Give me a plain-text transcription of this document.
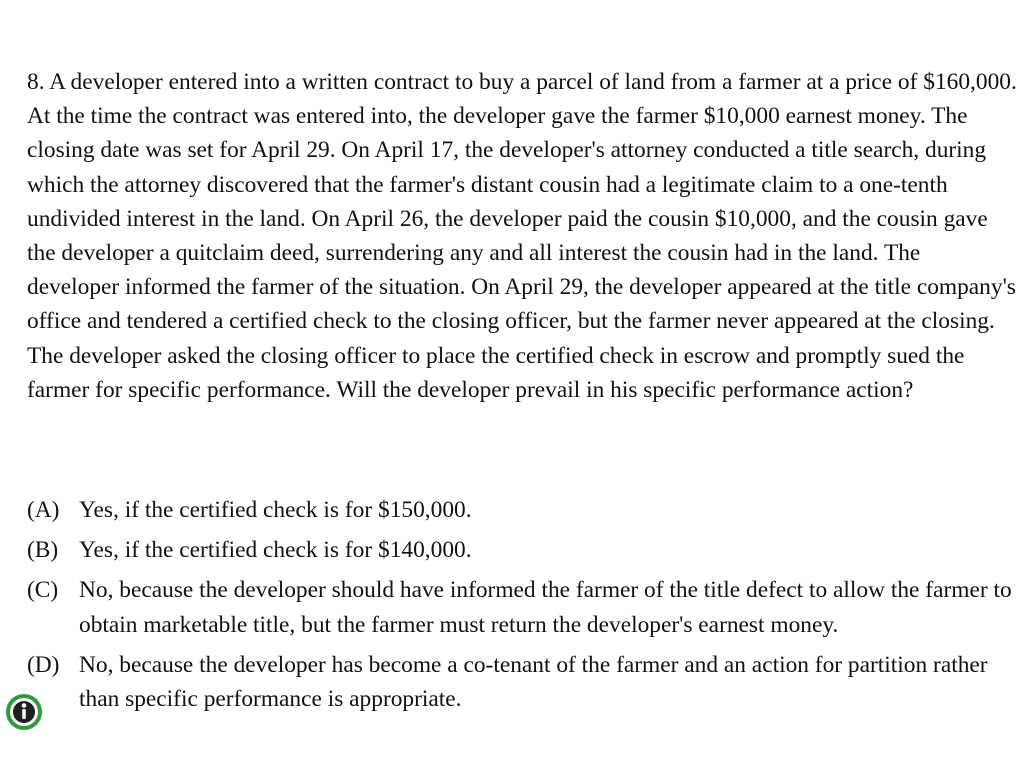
8. A developer entered into a written contract to buy a parcel of land from a farmer at a price of $160,000. At the time the contract was entered into, the developer gave the farmer $10,000 earnest money. The closing date was set for April 29. On April 17, the developer's attorney conducted a title search, during which the attorney discovered that the farmer's distant cousin had a legitimate claim to a one-tenth undivided interest in the land. On April 26, the developer paid the cousin $10,000, and the cousin gave the developer a quitclaim deed, surrendering any and all interest the cousin had in the land. The developer informed the farmer of the situation. On April 29, the developer appeared at the title company's office and tendered a certified check to the closing officer, but the farmer never appeared at the closing. The developer asked the closing officer to place the certified check in escrow and promptly sued the farmer for specific performance. Will the developer prevail in his specific performance action?

(A) Yes, if the certified check is for $150,000.
(B) Yes, if the certified check is for $140,000.
(C) No, because the developer should have informed the farmer of the title defect to allow the farmer to obtain marketable title, but the farmer must return the developer's earnest money.
(D) No, because the developer has become a co-tenant of the farmer and an action for partition rather than specific performance is appropriate.
